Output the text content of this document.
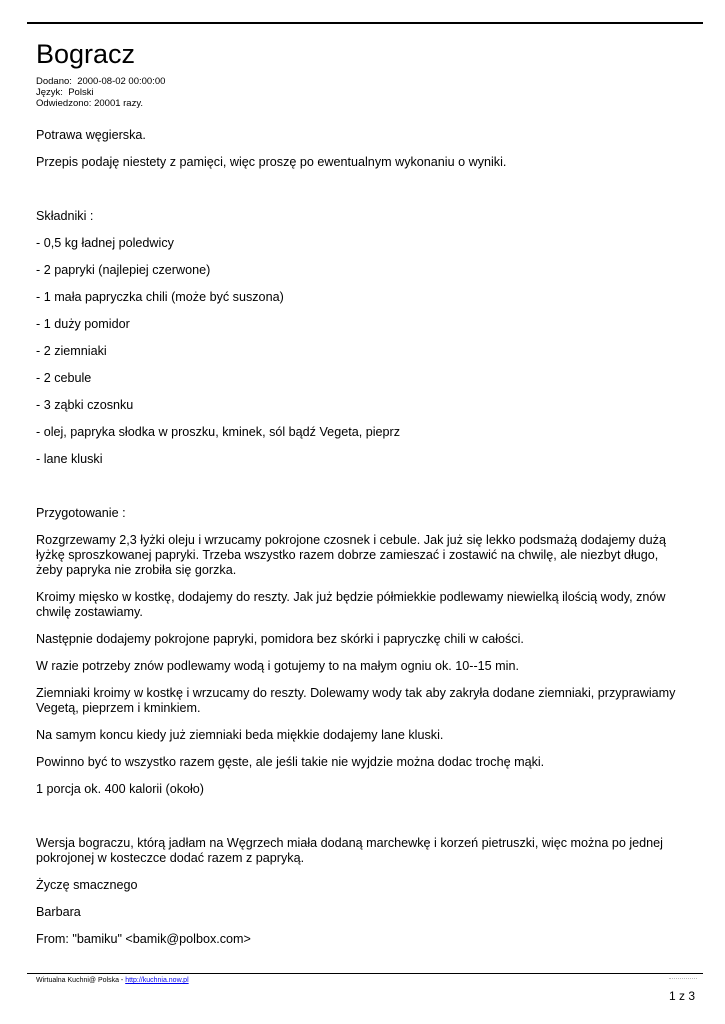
Bogracz
Dodano: 2000-08-02 00:00:00
Język: Polski
Odwiedzono: 20001 razy.

Potrawa węgierska.

Przepis podaję niestety z pamięci, więc proszę po ewentualnym wykonaniu o wyniki.

Składniki :

- 0,5 kg ładnej poledwicy

- 2 papryki (najlepiej czerwone)

- 1 mała papryczka chili (może być suszona)

- 1 duży pomidor

- 2 ziemniaki

- 2 cebule

- 3 ząbki czosnku

- olej, papryka słodka w proszku, kminek, sól bądź Vegeta, pieprz

- lane kluski

Przygotowanie :

Rozgrzewamy 2,3 łyżki oleju i wrzucamy pokrojone czosnek i cebule. Jak już się lekko podsmażą dodajemy dużą łyżkę sproszkowanej papryki. Trzeba wszystko razem dobrze zamieszać i zostawić na chwilę, ale niezbyt długo, żeby papryka nie zrobiła się gorzka.

Kroimy mięsko w kostkę, dodajemy do reszty. Jak już będzie półmiekkie podlewamy niewielką ilością wody, znów chwilę zostawiamy.

Następnie dodajemy pokrojone papryki, pomidora bez skórki i papryczkę chili w całości.

W razie potrzeby znów podlewamy wodą i gotujemy to na małym ogniu ok. 10--15 min.

Ziemniaki kroimy w kostkę i wrzucamy do reszty. Dolewamy wody tak aby zakryła dodane ziemniaki, przyprawiamy Vegetą, pieprzem i kminkiem.

Na samym koncu kiedy już ziemniaki beda miękkie dodajemy lane kluski.

Powinno być to wszystko razem gęste, ale jeśli takie nie wyjdzie można dodac trochę mąki.

1 porcja ok. 400 kalorii (około)

Wersja bograczu, którą jadłam na Węgrzech miała dodaną marchewkę i korzeń pietruszki, więc można po jednej pokrojonej w kosteczce dodać razem z papryką.

Życzę smacznego

Barbara

From: "bamiku" <bamik@polbox.com>

Wirtualna Kuchni@ Polska - http://kuchnia.now.pl
1 z 3
